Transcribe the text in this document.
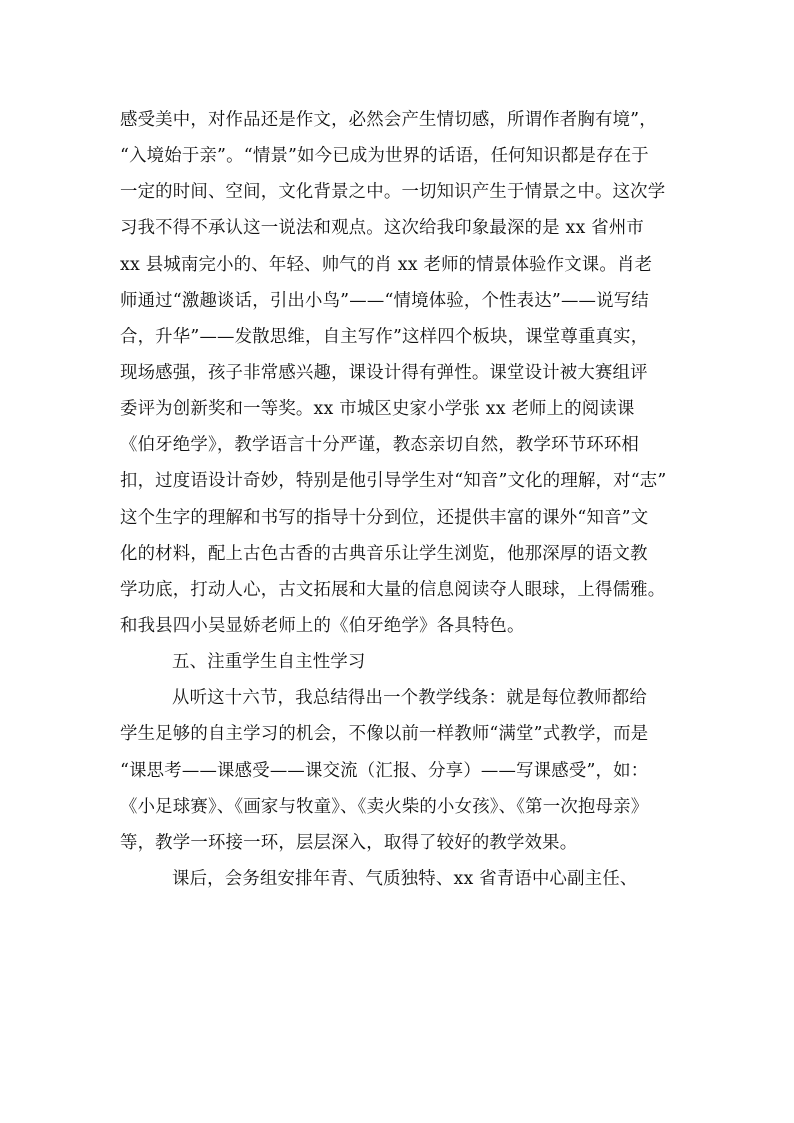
感受美中，对作品还是作文，必然会产生情切感，所谓作者胸有境”，
“入境始于亲”。“情景”如今已成为世界的话语，任何知识都是存在于
一定的时间、空间，文化背景之中。一切知识产生于情景之中。这次学
习我不得不承认这一说法和观点。这次给我印象最深的是 xx 省州市
xx 县城南完小的、年轻、帅气的肖 xx 老师的情景体验作文课。肖老
师通过“激趣谈话，引出小鸟”——“情境体验，个性表达”——说写结
合，升华”——发散思维，自主写作”这样四个板块，课堂尊重真实，
现场感强，孩子非常感兴趣，课设计得有弹性。课堂设计被大赛组评
委评为创新奖和一等奖。xx 市城区史家小学张 xx 老师上的阅读课
《伯牙绝学》，教学语言十分严谨，教态亲切自然，教学环节环环相
扣，过度语设计奇妙，特别是他引导学生对“知音”文化的理解，对“志”
这个生字的理解和书写的指导十分到位，还提供丰富的课外“知音”文
化的材料，配上古色古香的古典音乐让学生浏览，他那深厚的语文教
学功底，打动人心，古文拓展和大量的信息阅读夺人眼球，上得儒雅。
和我县四小吴显娇老师上的《伯牙绝学》各具特色。
五、注重学生自主性学习
从听这十六节，我总结得出一个教学线条：就是每位教师都给
学生足够的自主学习的机会，不像以前一样教师“满堂”式教学，而是
“课思考——课感受——课交流（汇报、分享）——写课感受”，如：
《小足球赛》、《画家与牧童》、《卖火柴的小女孩》、《第一次抱母亲》
等，教学一环接一环，层层深入，取得了较好的教学效果。
课后，会务组安排年青、气质独特、xx 省青语中心副主任、
